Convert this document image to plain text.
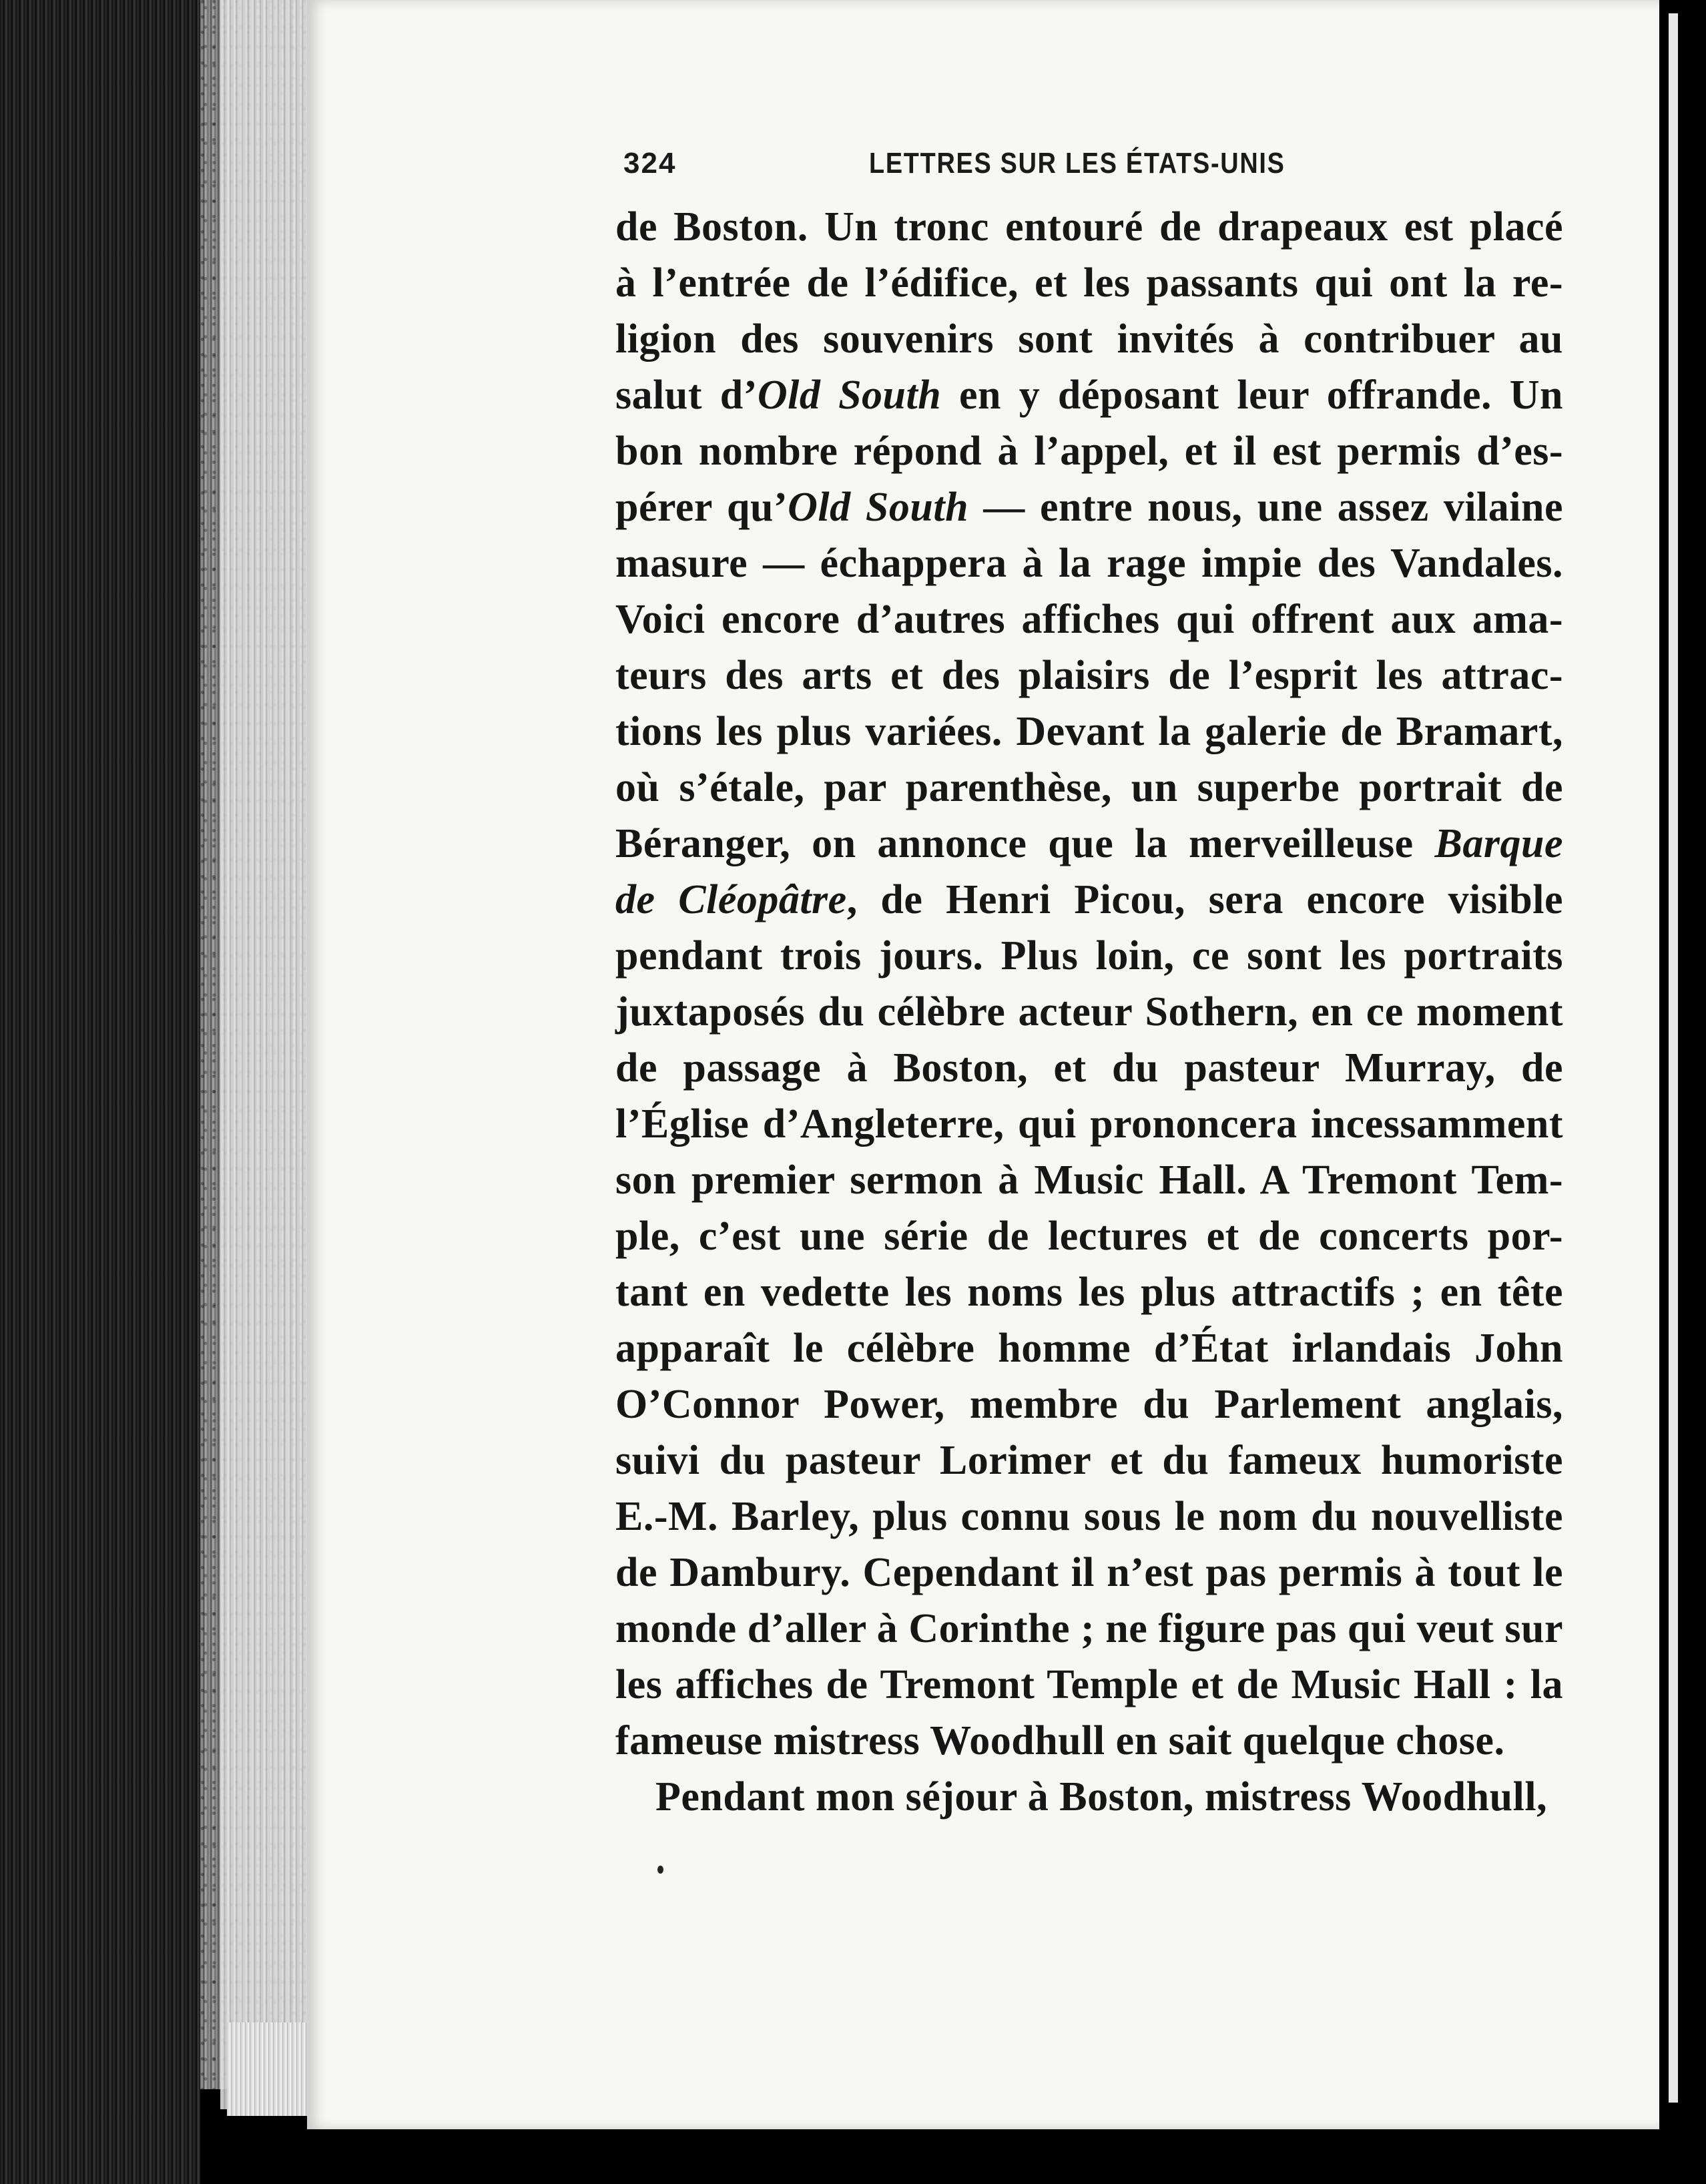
324	LETTRES SUR LES ÉTATS-UNIS
de Boston. Un tronc entouré de drapeaux est placé
à l’entrée de l’édifice, et les passants qui ont la re-
ligion des souvenirs sont invités à contribuer au
salut d’Old South en y déposant leur offrande. Un
bon nombre répond à l’appel, et il est permis d’es-
pérer qu’Old South — entre nous, une assez vilaine
masure — échappera à la rage impie des Vandales.
Voici encore d’autres affiches qui offrent aux ama-
teurs des arts et des plaisirs de l’esprit les attrac-
tions les plus variées. Devant la galerie de Bramart,
où s’étale, par parenthèse, un superbe portrait de
Béranger, on annonce que la merveilleuse Barque
de Cléopâtre, de Henri Picou, sera encore visible
pendant trois jours. Plus loin, ce sont les portraits
juxtaposés du célèbre acteur Sothern, en ce moment
de passage à Boston, et du pasteur Murray, de
l’Église d’Angleterre, qui prononcera incessamment
son premier sermon à Music Hall. A Tremont Tem-
ple, c’est une série de lectures et de concerts por-
tant en vedette les noms les plus attractifs ; en tête
apparaît le célèbre homme d’État irlandais John
O’Connor Power, membre du Parlement anglais,
suivi du pasteur Lorimer et du fameux humoriste
E.-M. Barley, plus connu sous le nom du nouvelliste
de Dambury. Cependant il n’est pas permis à tout le
monde d’aller à Corinthe ; ne figure pas qui veut sur
les affiches de Tremont Temple et de Music Hall : la
fameuse mistress Woodhull en sait quelque chose.
Pendant mon séjour à Boston, mistress Woodhull,
